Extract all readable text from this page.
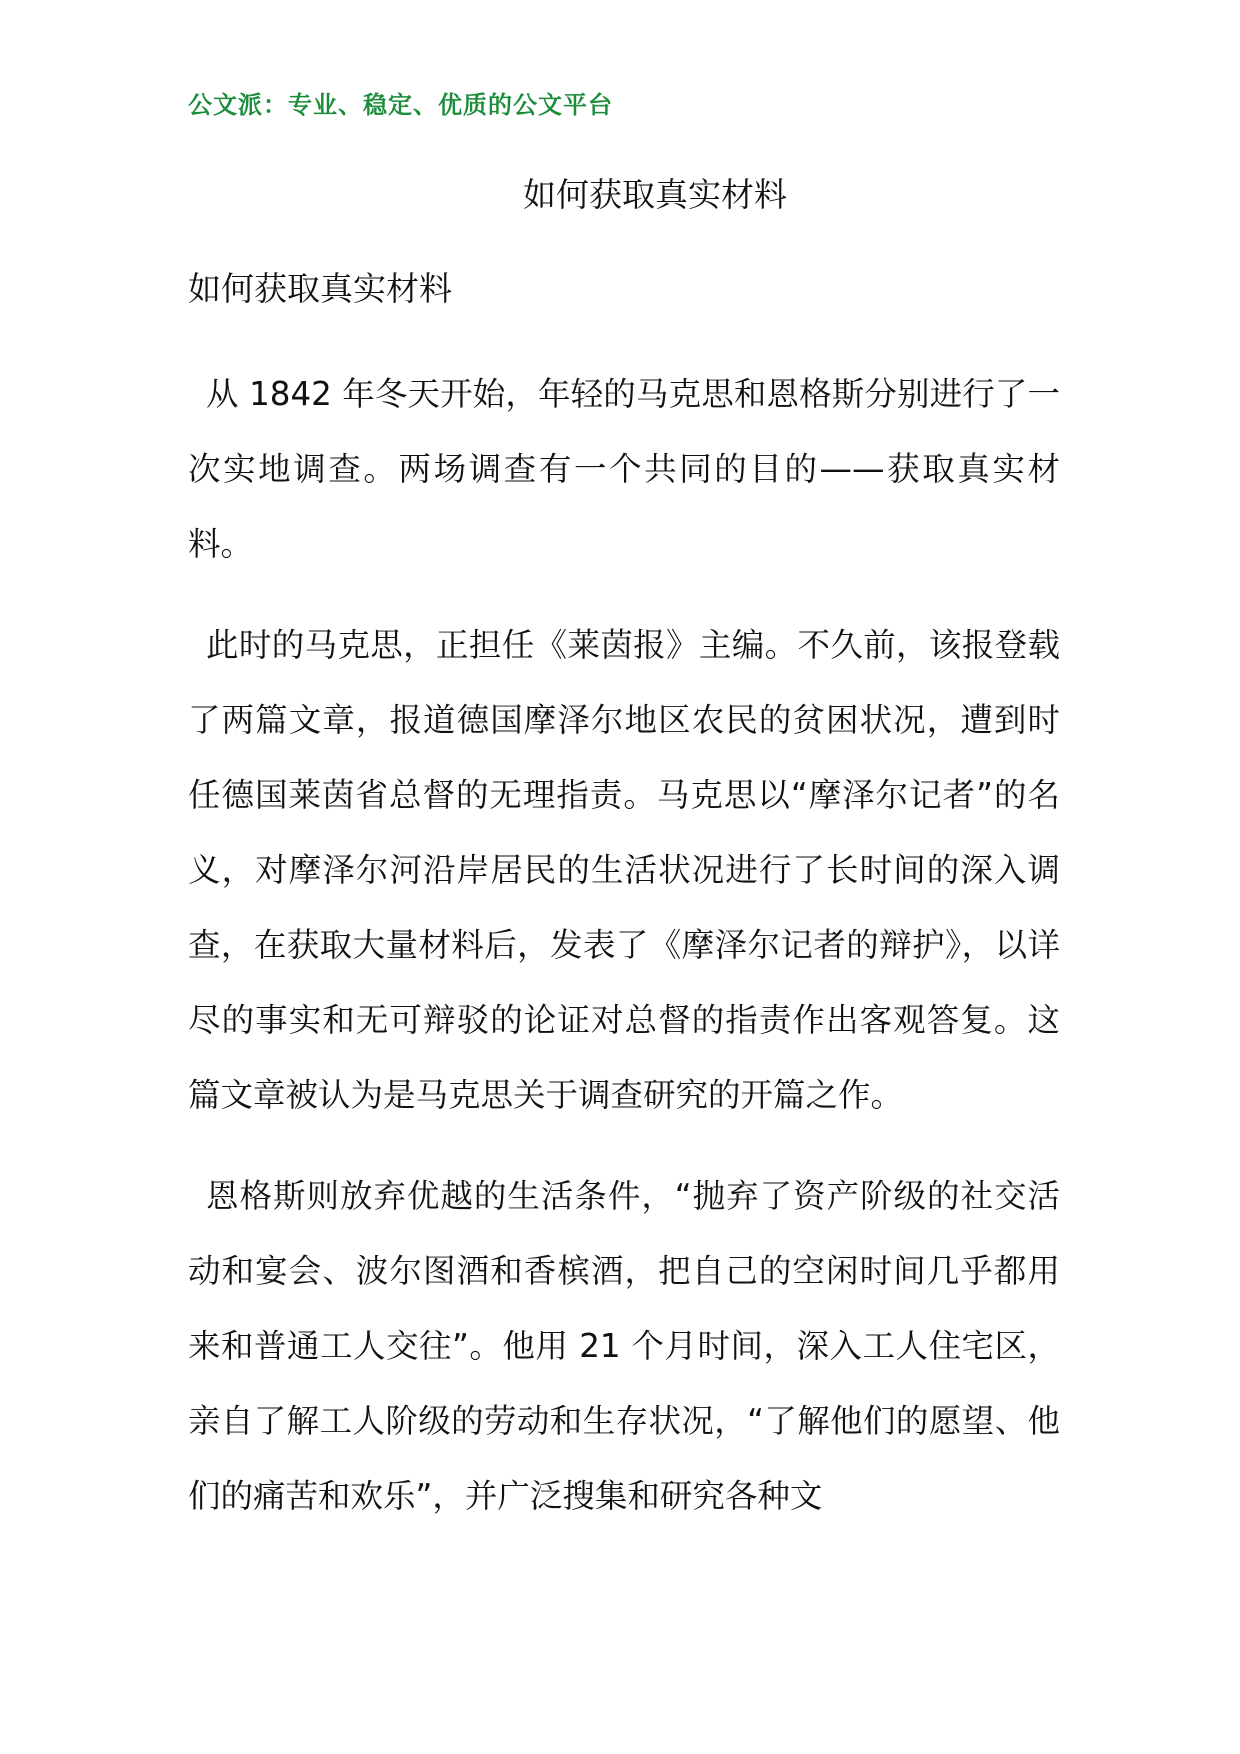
公文派：专业、稳定、优质的公文平台
如何获取真实材料
如何获取真实材料

从 1842 年冬天开始，年轻的马克思和恩格斯分别进行了一次实地调查。两场调查有一个共同的目的——获取真实材料。

此时的马克思，正担任《莱茵报》主编。不久前，该报登载了两篇文章，报道德国摩泽尔地区农民的贫困状况，遭到时任德国莱茵省总督的无理指责。马克思以“摩泽尔记者”的名义，对摩泽尔河沿岸居民的生活状况进行了长时间的深入调查，在获取大量材料后，发表了《摩泽尔记者的辩护》，以详尽的事实和无可辩驳的论证对总督的指责作出客观答复。这篇文章被认为是马克思关于调查研究的开篇之作。

恩格斯则放弃优越的生活条件，“抛弃了资产阶级的社交活动和宴会、波尔图酒和香槟酒，把自己的空闲时间几乎都用来和普通工人交往”。他用 21 个月时间，深入工人住宅区，亲自了解工人阶级的劳动和生存状况，“了解他们的愿望、他们的痛苦和欢乐”，并广泛搜集和研究各种文
